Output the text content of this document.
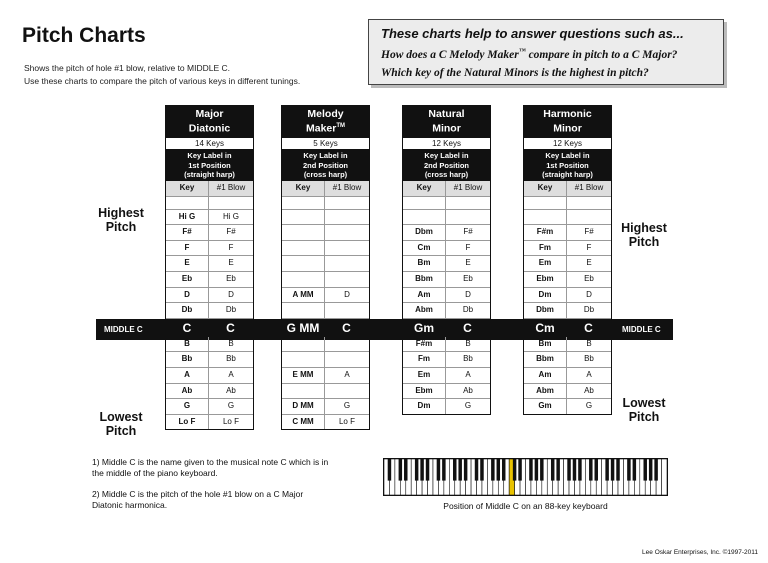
Pitch Charts
Shows the pitch of hole #1 blow, relative to MIDDLE C.
Use these charts to compare the pitch of various keys in different tunings.
These charts help to answer questions such as...
How does a C Melody Maker™ compare in pitch to a C Major?
Which key of the Natural Minors is the highest in pitch?
Highest
Pitch	Highest
Pitch
Lowest
Pitch
Lowest
Pitch
MIDDLE C	MIDDLE C
Major
Diatonic
14 Keys
Key Label in
1st Position
(straight harp)
Key	#1 Blow
Hi G	Hi G
F#	F#
F	F
E	E
Eb	Eb
D	D
Db	Db
C	C
B	B
Bb	Bb
A	A
Ab	Ab
G	G
Lo F	Lo F
Melody
Maker™
5 Keys
Key Label in
2nd Position
(cross harp)
Key	#1 Blow
A MM	D
G MM	C
E MM	A
D MM	G
C MM	Lo F
Natural
Minor
12 Keys
Key Label in
2nd Position
(cross harp)
Key	#1 Blow
Dbm	F#
Cm	F
Bm	E
Bbm	Eb
Am	D
Abm	Db
Gm	C
F#m	B
Fm	Bb
Em	A
Ebm	Ab
Dm	G
Harmonic
Minor
12 Keys
Key Label in
1st Position
(straight harp)
Key	#1 Blow
F#m	F#
Fm	F
Em	E
Ebm	Eb
Dm	D
Dbm	Db
Cm	C
Bm	B
Bbm	Bb
Am	A
Abm	Ab
Gm	G
1) Middle C is the name given to the musical note C which is in the middle of the piano keyboard.
2) Middle C is the pitch of the hole #1 blow on a C Major Diatonic harmonica.	Position of Middle C on an 88-key keyboard
Lee Oskar Enterprises, Inc. ©1997-2011
